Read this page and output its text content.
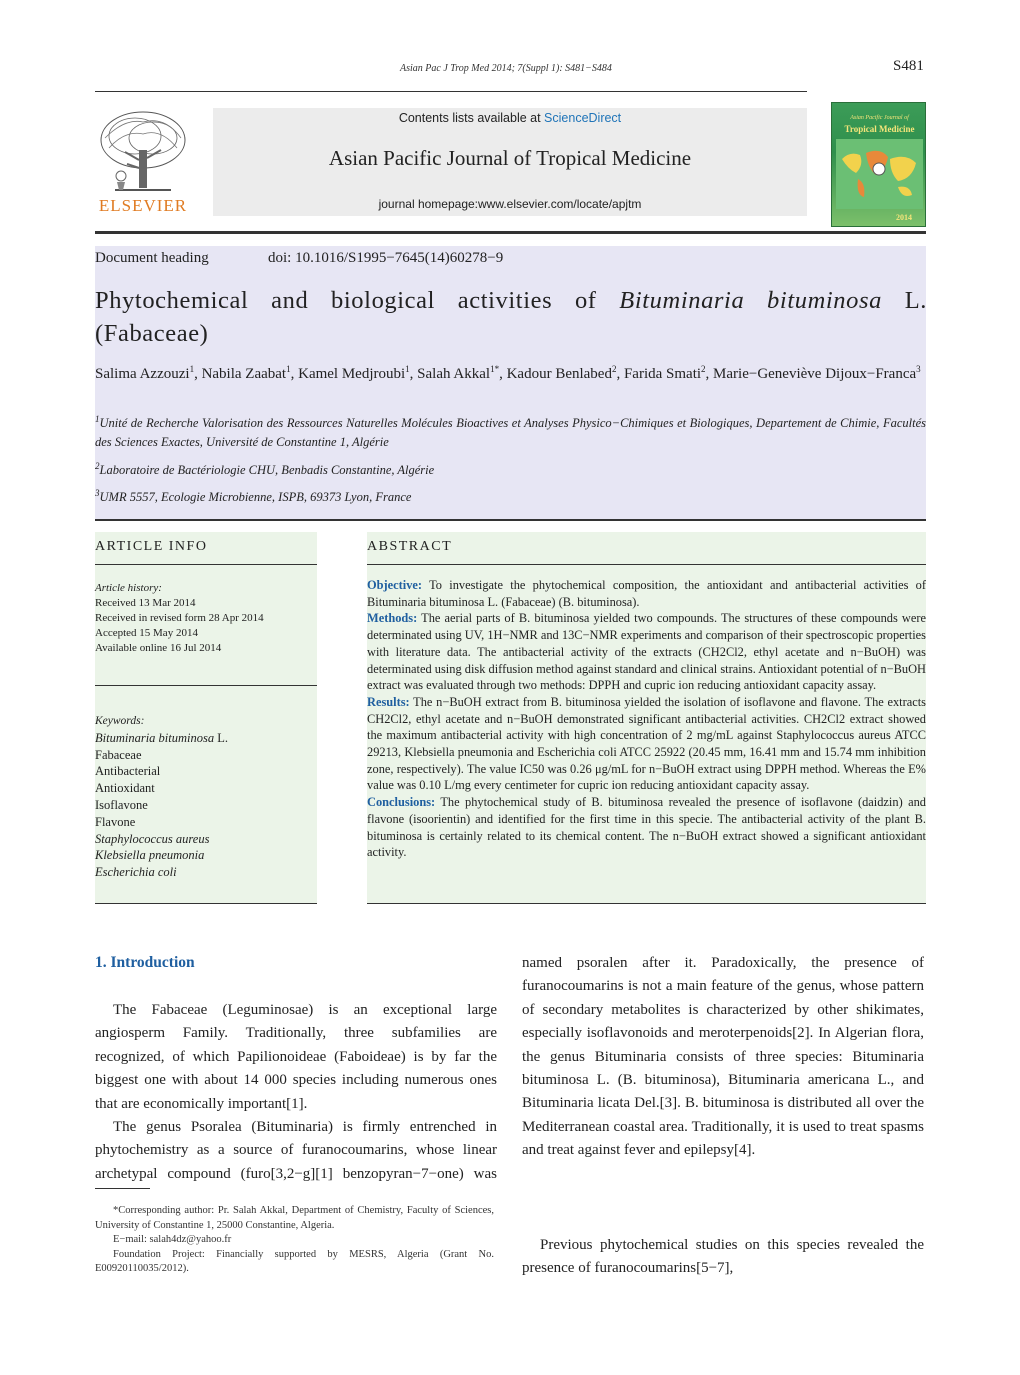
Asian Pac J Trop Med 2014; 7(Suppl 1): S481−S484	S481
ELSEVIER
Contents lists available at ScienceDirect
Asian Pacific Journal of Tropical Medicine
journal homepage:www.elsevier.com/locate/apjtm
Asian Pacific Journal of
Tropical Medicine
2014
Document heading	doi: 10.1016/S1995−7645(14)60278−9
Phytochemical and biological activities of Bituminaria bituminosa L. (Fabaceae)
Salima Azzouzi$^1$, Nabila Zaabat$^1$, Kamel Medjroubi$^1$, Salah Akkal$^{1*}$, Kadour Benlabed$^2$, Farida Smati$^2$, Marie−Geneviève Dijoux−Franca$^3$
$^1$Unité de Recherche Valorisation des Ressources Naturelles Molécules Bioactives et Analyses Physico−Chimiques et Biologiques, Departement de Chimie, Facultés des Sciences Exactes, Université de Constantine 1, Algérie
$^2$Laboratoire de Bactériologie CHU, Benbadis Constantine, Algérie
$^3$UMR 5557, Ecologie Microbienne, ISPB, 69373 Lyon, France
ARTICLE INFO	ABSTRACT
Article history:
Received 13 Mar 2014
Received in revised form 28 Apr 2014
Accepted 15 May 2014
Available online 16 Jul 2014
Keywords:
Bituminaria bituminosa L.
Fabaceae
Antibacterial
Antioxidant
Isoflavone
Flavone
Staphylococcus aureus
Klebsiella pneumonia
Escherichia coli
Objective: To investigate the phytochemical composition, the antioxidant and antibacterial activities of Bituminaria bituminosa L. (Fabaceae) (B. bituminosa).
Methods: The aerial parts of B. bituminosa yielded two compounds. The structures of these compounds were determinated using UV, 1H−NMR and 13C−NMR experiments and comparison of their spectroscopic properties with literature data. The antibacterial activity of the extracts (CH2Cl2, ethyl acetate and n−BuOH) was determinated using disk diffusion method against standard and clinical strains. Antioxidant potential of n−BuOH extract was evaluated through two methods: DPPH and cupric ion reducing antioxidant capacity assay.
Results: The n−BuOH extract from B. bituminosa yielded the isolation of isoflavone and flavone. The extracts CH2Cl2, ethyl acetate and n−BuOH demonstrated significant antibacterial activities. CH2Cl2 extract showed the maximum antibacterial activity with high concentration of 2 mg/mL against Staphylococcus aureus ATCC 29213, Klebsiella pneumonia and Escherichia coli ATCC 25922 (20.45 mm, 16.41 mm and 15.74 mm inhibition zone, respectively). The value IC50 was 0.26 μg/mL for n−BuOH extract using DPPH method. Whereas the E% value was 0.10 L/mg every centimeter for cupric ion reducing antioxidant capacity assay.
Conclusions: The phytochemical study of B. bituminosa revealed the presence of isoflavone (daidzin) and flavone (isoorientin) and identified for the first time in this specie. The antibacterial activity of the plant B. bituminosa is certainly related to its chemical content. The n−BuOH extract showed a significant antioxidant activity.
1. Introduction
The Fabaceae (Leguminosae) is an exceptional large angiosperm Family. Traditionally, three subfamilies are recognized, of which Papilionoideae (Faboideae) is by far the biggest one with about 14 000 species including numerous ones that are economically important[1].
The genus Psoralea (Bituminaria) is firmly entrenched in phytochemistry as a source of furanocoumarins, whose linear archetypal compound (furo[3,2−g][1] benzopyran−7−one) was
named psoralen after it. Paradoxically, the presence of furanocoumarins is not a main feature of the genus, whose pattern of secondary metabolites is characterized by other shikimates, especially isoflavonoids and meroterpenoids[2]. In Algerian flora, the genus Bituminaria consists of three species: Bituminaria bituminosa L. (B. bituminosa), Bituminaria americana L., and Bituminaria licata Del.[3]. B. bituminosa is distributed all over the Mediterranean coastal area. Traditionally, it is used to treat spasms and treat against fever and epilepsy[4].
Previous phytochemical studies on this species revealed the presence of furanocoumarins[5−7],
*Corresponding author: Pr. Salah Akkal, Department of Chemistry, Faculty of Sciences, University of Constantine 1, 25000 Constantine, Algeria.
E−mail: salah4dz@yahoo.fr
Foundation Project: Financially supported by MESRS, Algeria (Grant No. E00920110035/2012).
